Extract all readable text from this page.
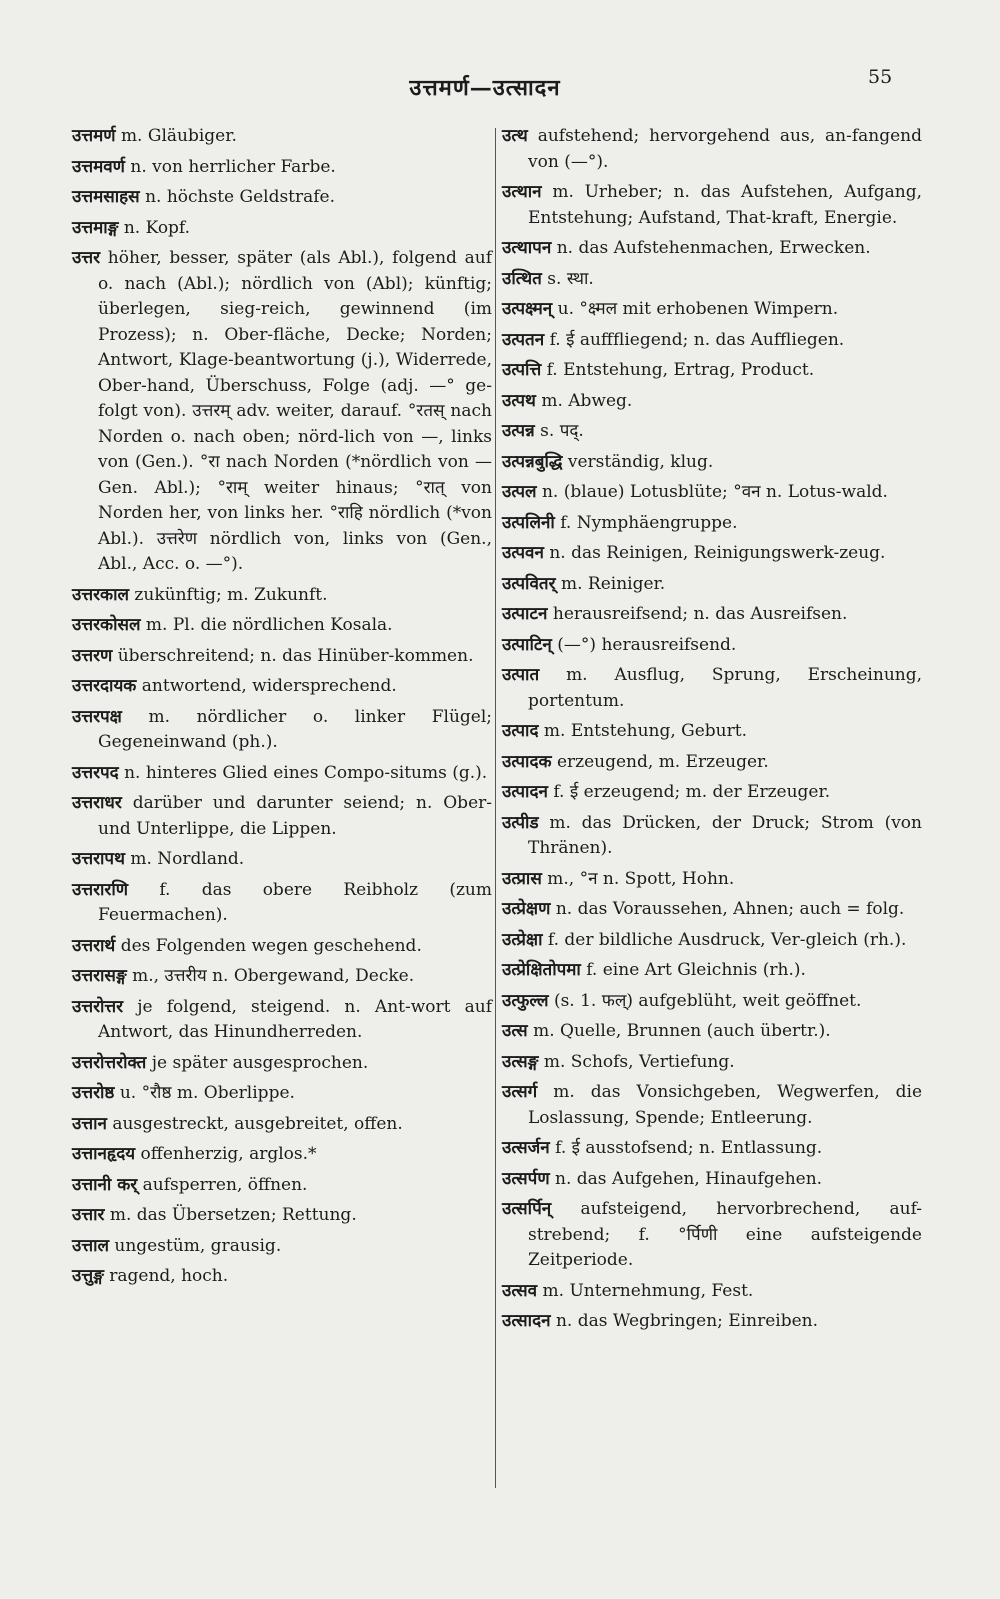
उत्तमर्ण—उत्सादन	55

उत्तमर्ण m. Gläubiger.

उत्तमवर्ण n. von herrlicher Farbe.

उत्तमसाहस n. höchste Geldstrafe.

उत्तमाङ्ग n. Kopf.

उत्तर höher, besser, später (als Abl.), folgend auf o. nach (Abl.); nördlich von (Abl); künftig; überlegen, sieg-reich, gewinnend (im Prozess); n. Ober-fläche, Decke; Norden; Antwort, Klage-beantwortung (j.), Widerrede, Ober-hand, Überschuss, Folge (adj. —° ge-folgt von). उत्तरम् adv. weiter, darauf. °रतस् nach Norden o. nach oben; nörd-lich von —, links von (Gen.). °रा nach Norden (*nördlich von — Gen. Abl.); °राम् weiter hinaus; °रात् von Norden her, von links her. °राहि nördlich (*von Abl.). उत्तरेण nördlich von, links von (Gen., Abl., Acc. o. —°).

उत्तरकाल zukünftig; m. Zukunft.

उत्तरकोसल m. Pl. die nördlichen Kosala.

उत्तरण überschreitend; n. das Hinüber-kommen.

उत्तरदायक antwortend, widersprechend.

उत्तरपक्ष m. nördlicher o. linker Flügel; Gegeneinwand (ph.).

उत्तरपद n. hinteres Glied eines Compo-situms (g.).

उत्तराधर darüber und darunter seiend; n. Ober- und Unterlippe, die Lippen.

उत्तरापथ m. Nordland.

उत्तरारणि f. das obere Reibholz (zum Feuermachen).

उत्तरार्थ des Folgenden wegen geschehend.

उत्तरासङ्ग m., उत्तरीय n. Obergewand, Decke.

उत्तरोत्तर je folgend, steigend. n. Ant-wort auf Antwort, das Hinundherreden.

उत्तरोत्तरोक्त je später ausgesprochen.

उत्तरोष्ठ u. °रौष्ठ m. Oberlippe.

उत्तान ausgestreckt, ausgebreitet, offen.

उत्तानहृदय offenherzig, arglos.*

उत्तानी कर् aufsperren, öffnen.

उत्तार m. das Übersetzen; Rettung.

उत्ताल ungestüm, grausig.

उत्तुङ्ग ragend, hoch.

उत्थ aufstehend; hervorgehend aus, an-fangend von (—°).

उत्थान m. Urheber; n. das Aufstehen, Aufgang, Entstehung; Aufstand, That-kraft, Energie.

उत्थापन n. das Aufstehenmachen, Erwecken.

उत्थित s. स्था.

उत्पक्ष्मन् u. °क्ष्मल mit erhobenen Wimpern.

उत्पतन f. ई aufffliegend; n. das Auffliegen.

उत्पत्ति f. Entstehung, Ertrag, Product.

उत्पथ m. Abweg.

उत्पन्न s. पद्.

उत्पन्नबुद्धि verständig, klug.

उत्पल n. (blaue) Lotusblüte; °वन n. Lotus-wald.

उत्पलिनी f. Nymphäengruppe.

उत्पवन n. das Reinigen, Reinigungswerk-zeug.

उत्पवितर् m. Reiniger.

उत्पाटन herausreifsend; n. das Ausreifsen.

उत्पाटिन् (—°) herausreifsend.

उत्पात m. Ausflug, Sprung, Erscheinung, portentum.

उत्पाद m. Entstehung, Geburt.

उत्पादक erzeugend, m. Erzeuger.

उत्पादन f. ई erzeugend; m. der Erzeuger.

उत्पीड m. das Drücken, der Druck; Strom (von Thränen).

उत्प्रास m., °न n. Spott, Hohn.

उत्प्रेक्षण n. das Voraussehen, Ahnen; auch = folg.

उत्प्रेक्षा f. der bildliche Ausdruck, Ver-gleich (rh.).

उत्प्रेक्षितोपमा f. eine Art Gleichnis (rh.).

उत्फुल्ल (s. 1. फल्) aufgeblüht, weit geöffnet.

उत्स m. Quelle, Brunnen (auch übertr.).

उत्सङ्ग m. Schofs, Vertiefung.

उत्सर्ग m. das Vonsichgeben, Wegwerfen, die Loslassung, Spende; Entleerung.

उत्सर्जन f. ई ausstofsend; n. Entlassung.

उत्सर्पण n. das Aufgehen, Hinaufgehen.

उत्सर्पिन् aufsteigend, hervorbrechend, auf-strebend; f. °र्पिणी eine aufsteigende Zeitperiode.

उत्सव m. Unternehmung, Fest.

उत्सादन n. das Wegbringen; Einreiben.
